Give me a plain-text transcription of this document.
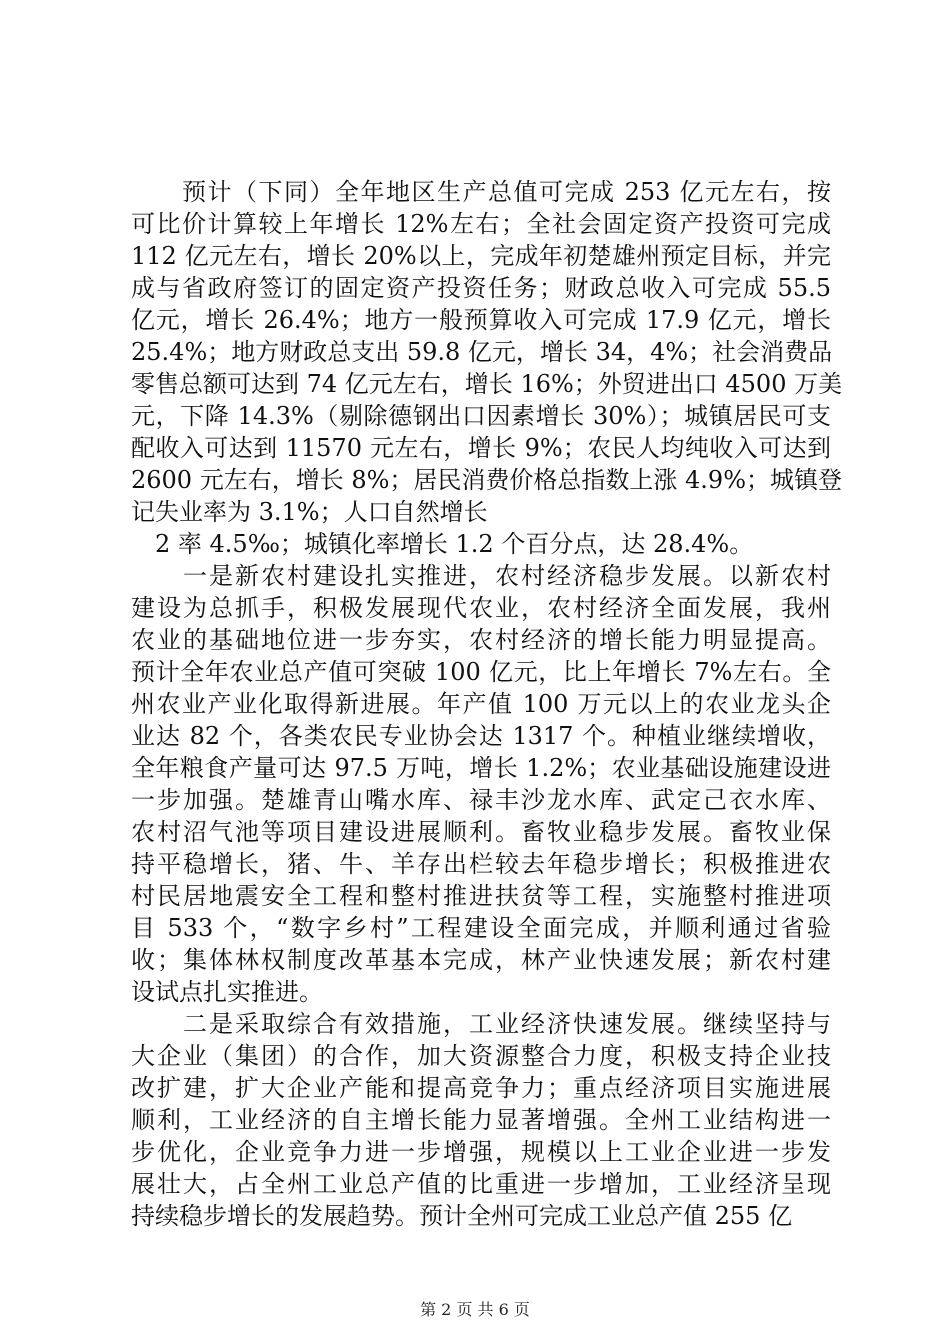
　　预计（下同）全年地区生产总值可完成 253 亿元左右，按
可比价计算较上年增长 12%左右；全社会固定资产投资可完成
112 亿元左右，增长 20%以上，完成年初楚雄州预定目标，并完
成与省政府签订的固定资产投资任务；财政总收入可完成 55.5
亿元，增长 26.4%；地方一般预算收入可完成 17.9 亿元，增长
25.4%；地方财政总支出 59.8 亿元，增长 34，4%；社会消费品
零售总额可达到 74 亿元左右，增长 16%；外贸进出口 4500 万美
元，下降 14.3%（剔除德钢出口因素增长 30%）；城镇居民可支
配收入可达到 11570 元左右，增长 9%；农民人均纯收入可达到
2600 元左右，增长 8%；居民消费价格总指数上涨 4.9%；城镇登
记失业率为 3.1%；人口自然增长
　2 率 4.5‰；城镇化率增长 1.2 个百分点，达 28.4%。
　　一是新农村建设扎实推进，农村经济稳步发展。以新农村
建设为总抓手，积极发展现代农业，农村经济全面发展，我州
农业的基础地位进一步夯实，农村经济的增长能力明显提高。
预计全年农业总产值可突破 100 亿元，比上年增长 7%左右。全
州农业产业化取得新进展。年产值 100 万元以上的农业龙头企
业达 82 个，各类农民专业协会达 1317 个。种植业继续增收，
全年粮食产量可达 97.5 万吨，增长 1.2%；农业基础设施建设进
一步加强。楚雄青山嘴水库、禄丰沙龙水库、武定己衣水库、
农村沼气池等项目建设进展顺利。畜牧业稳步发展。畜牧业保
持平稳增长，猪、牛、羊存出栏较去年稳步增长；积极推进农
村民居地震安全工程和整村推进扶贫等工程，实施整村推进项
目 533 个，“数字乡村”工程建设全面完成，并顺利通过省验
收；集体林权制度改革基本完成，林产业快速发展；新农村建
设试点扎实推进。
　　二是采取综合有效措施，工业经济快速发展。继续坚持与
大企业（集团）的合作，加大资源整合力度，积极支持企业技
改扩建，扩大企业产能和提高竞争力；重点经济项目实施进展
顺利，工业经济的自主增长能力显著增强。全州工业结构进一
步优化，企业竞争力进一步增强，规模以上工业企业进一步发
展壮大，占全州工业总产值的比重进一步增加，工业经济呈现
持续稳步增长的发展趋势。预计全州可完成工业总产值 255 亿
第 2 页 共 6 页
